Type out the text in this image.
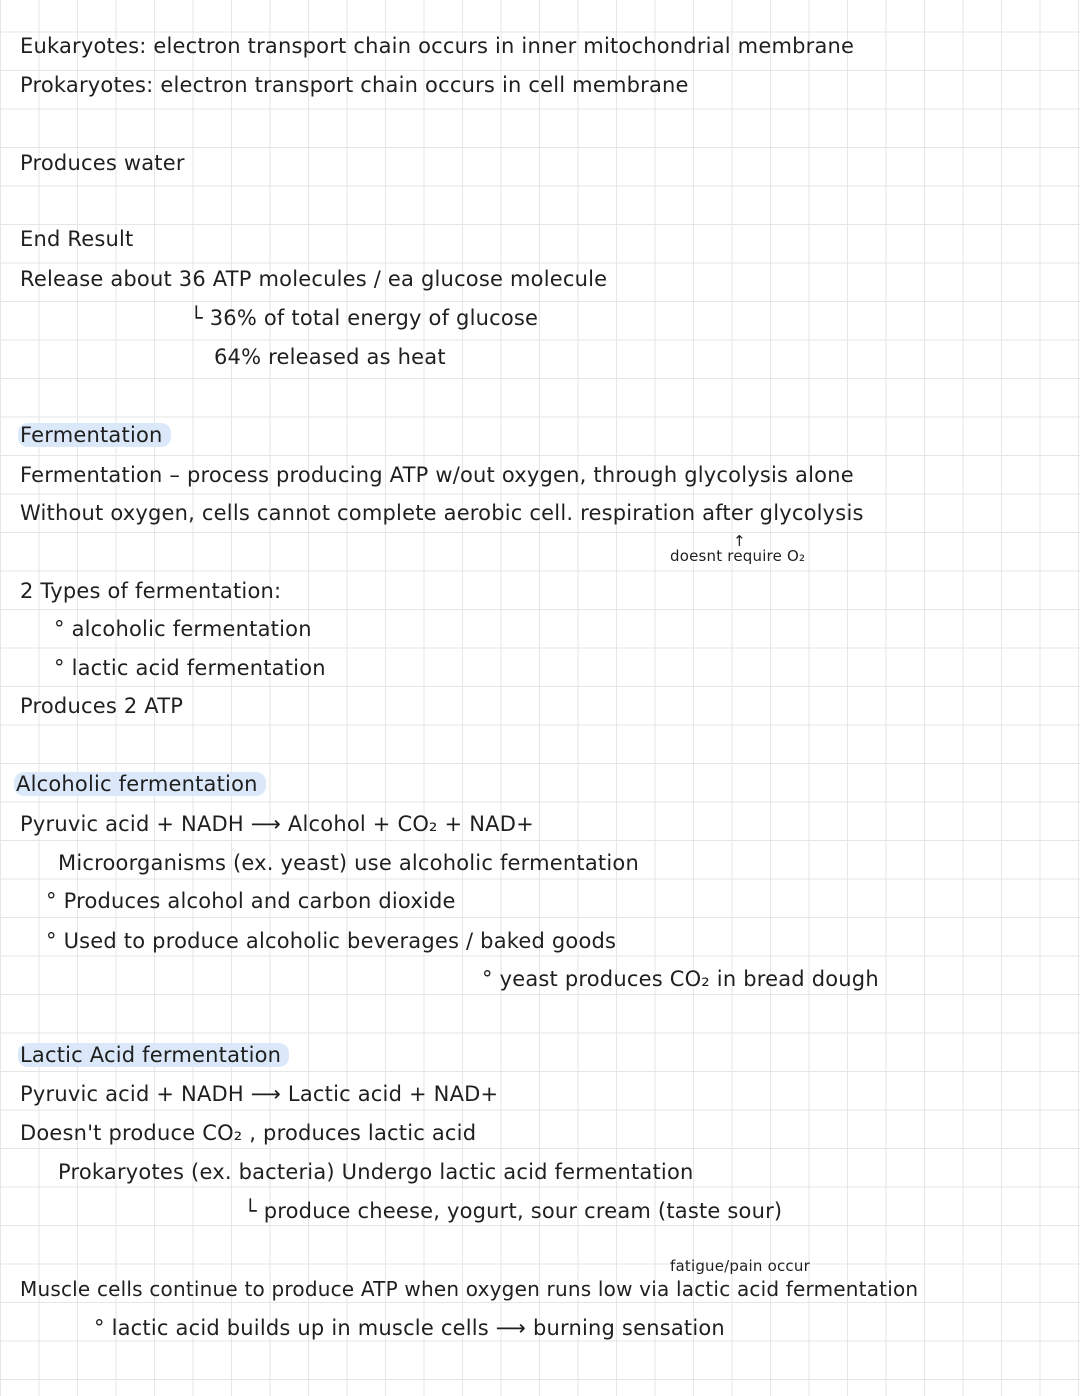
Eukaryotes: electron transport chain occurs in inner mitochondrial membrane
Prokaryotes: electron transport chain occurs in cell membrane
Produces water
End Result
Release about 36 ATP molecules / ea glucose molecule
└ 36% of total energy of glucose
64% released as heat
Fermentation
Fermentation – process producing ATP w/out oxygen, through glycolysis alone
Without oxygen, cells cannot complete aerobic cell. respiration after glycolysis
↑
doesnt require O₂
2 Types of fermentation:
° alcoholic fermentation
° lactic acid fermentation
Produces 2 ATP
Alcoholic fermentation
Pyruvic acid + NADH ⟶ Alcohol + CO₂ + NAD+
Microorganisms (ex. yeast) use alcoholic fermentation
° Produces alcohol and carbon dioxide
° Used to produce alcoholic beverages / baked goods
° yeast produces CO₂ in bread dough
Lactic Acid fermentation
Pyruvic acid + NADH ⟶ Lactic acid + NAD+
Doesn't produce CO₂ , produces lactic acid
Prokaryotes (ex. bacteria) Undergo lactic acid fermentation
└ produce cheese, yogurt, sour cream (taste sour)
fatigue/pain occur
Muscle cells continue to produce ATP when oxygen runs low via lactic acid fermentation
° lactic acid builds up in muscle cells ⟶ burning sensation
